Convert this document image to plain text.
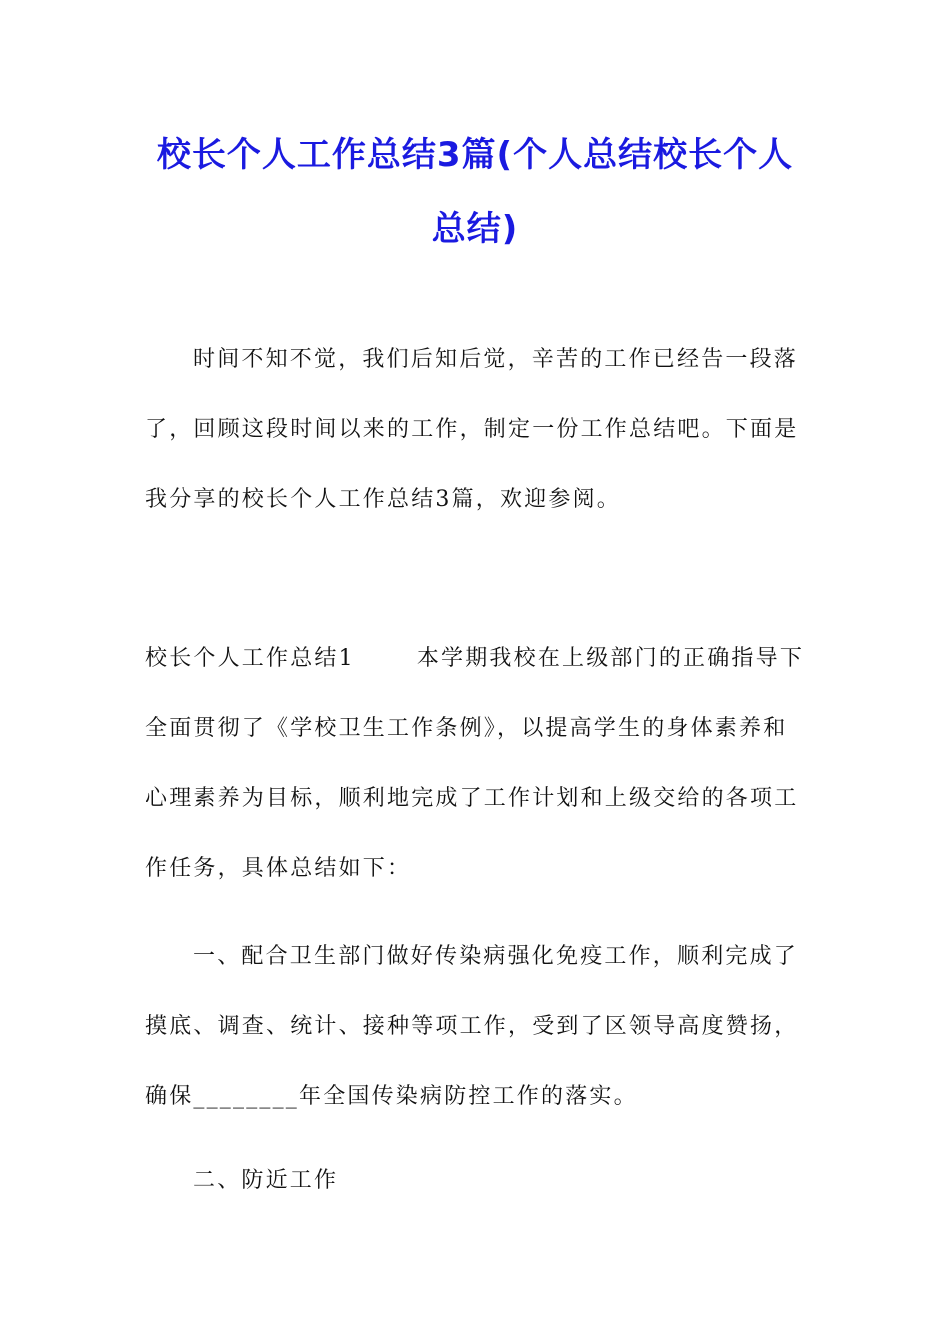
校长个人工作总结3篇(个人总结校长个人
总结)
时间不知不觉，我们后知后觉，辛苦的工作已经告一段落
了，回顾这段时间以来的工作，制定一份工作总结吧。下面是
我分享的校长个人工作总结3篇，欢迎参阅。
校长个人工作总结1	本学期我校在上级部门的正确指导下
全面贯彻了《学校卫生工作条例》，以提高学生的身体素养和
心理素养为目标，顺利地完成了工作计划和上级交给的各项工
作任务，具体总结如下：
一、配合卫生部门做好传染病强化免疫工作，顺利完成了
摸底、调查、统计、接种等项工作，受到了区领导高度赞扬，
确保________年全国传染病防控工作的落实。
二、防近工作
